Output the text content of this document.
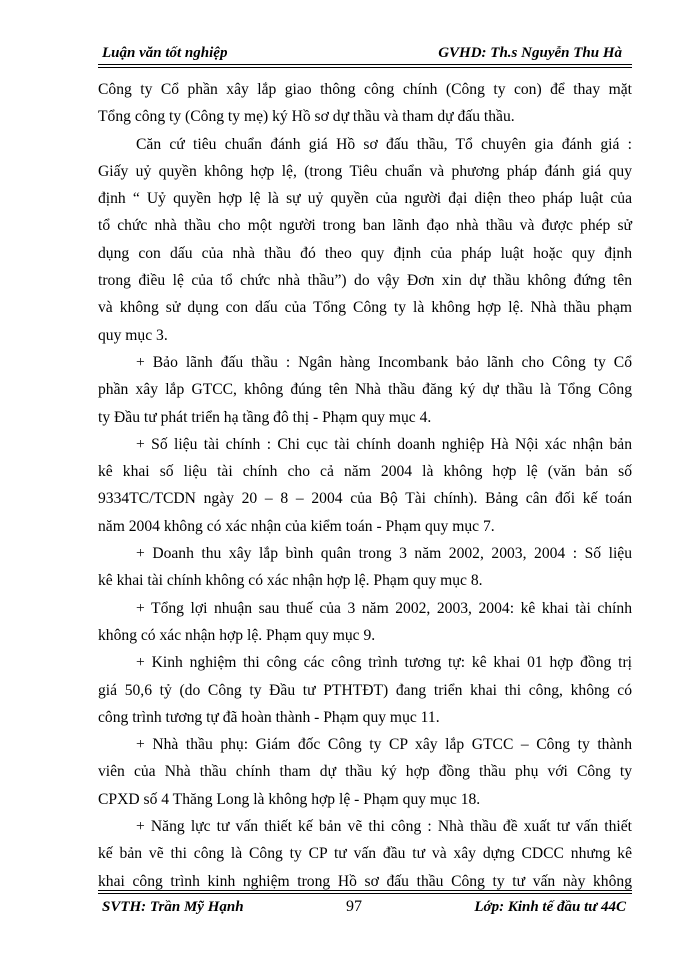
Luận văn tốt nghiệp	GVHD: Th.s Nguyễn Thu Hà

Công ty Cổ phần xây lắp giao thông công chính (Công ty con) để thay mặt
Tổng công ty (Công ty mẹ) ký Hồ sơ dự thầu và tham dự đấu thầu.

Căn cứ tiêu chuẩn đánh giá Hồ sơ đấu thầu, Tổ chuyên gia đánh giá :
Giấy uỷ quyền không hợp lệ, (trong Tiêu chuẩn và phương pháp đánh giá quy
định “ Uỷ quyền hợp lệ là sự uỷ quyền của người đại diện theo pháp luật của
tổ chức nhà thầu cho một người trong ban lãnh đạo nhà thầu và được phép sử
dụng con dấu của nhà thầu đó theo quy định của pháp luật hoặc quy định
trong điều lệ của tổ chức nhà thầu”) do vậy Đơn xin dự thầu không đứng tên
và không sử dụng con dấu của Tổng Công ty là không hợp lệ. Nhà thầu phạm
quy mục 3.

+ Bảo lãnh đấu thầu : Ngân hàng Incombank bảo lãnh cho Công ty Cổ
phần xây lắp GTCC, không đúng tên Nhà thầu đăng ký dự thầu là Tổng Công
ty Đầu tư phát triển hạ tầng đô thị - Phạm quy mục 4.

+ Số liệu tài chính : Chi cục tài chính doanh nghiệp Hà Nội xác nhận bản
kê khai số liệu tài chính cho cả năm 2004 là không hợp lệ (văn bản số
9334TC/TCDN ngày 20 – 8 – 2004 của Bộ Tài chính). Bảng cân đối kế toán
năm 2004 không có xác nhận của kiểm toán - Phạm quy mục 7.

+ Doanh thu xây lắp bình quân trong 3 năm 2002, 2003, 2004 : Số liệu
kê khai tài chính không có xác nhận hợp lệ. Phạm quy mục 8.

+ Tổng lợi nhuận sau thuế của 3 năm 2002, 2003, 2004: kê khai tài chính
không có xác nhận hợp lệ. Phạm quy mục 9.

+ Kinh nghiệm thi công các công trình tương tự: kê khai 01 hợp đồng trị
giá 50,6 tỷ (do Công ty Đầu tư PTHTĐT) đang triển khai thi công, không có
công trình tương tự đã hoàn thành - Phạm quy mục 11.

+ Nhà thầu phụ: Giám đốc Công ty CP xây lắp GTCC – Công ty thành
viên của Nhà thầu chính tham dự thầu ký hợp đồng thầu phụ với Công ty
CPXD số 4 Thăng Long là không hợp lệ - Phạm quy mục 18.

+ Năng lực tư vấn thiết kế bản vẽ thi công : Nhà thầu đề xuất tư vấn thiết
kế bản vẽ thi công là Công ty CP tư vấn đầu tư và xây dựng CDCC nhưng kê
khai công trình kinh nghiệm trong Hồ sơ đấu thầu Công ty tư vấn này không

SVTH: Trần Mỹ Hạnh	97	Lớp: Kinh tế đầu tư 44C
